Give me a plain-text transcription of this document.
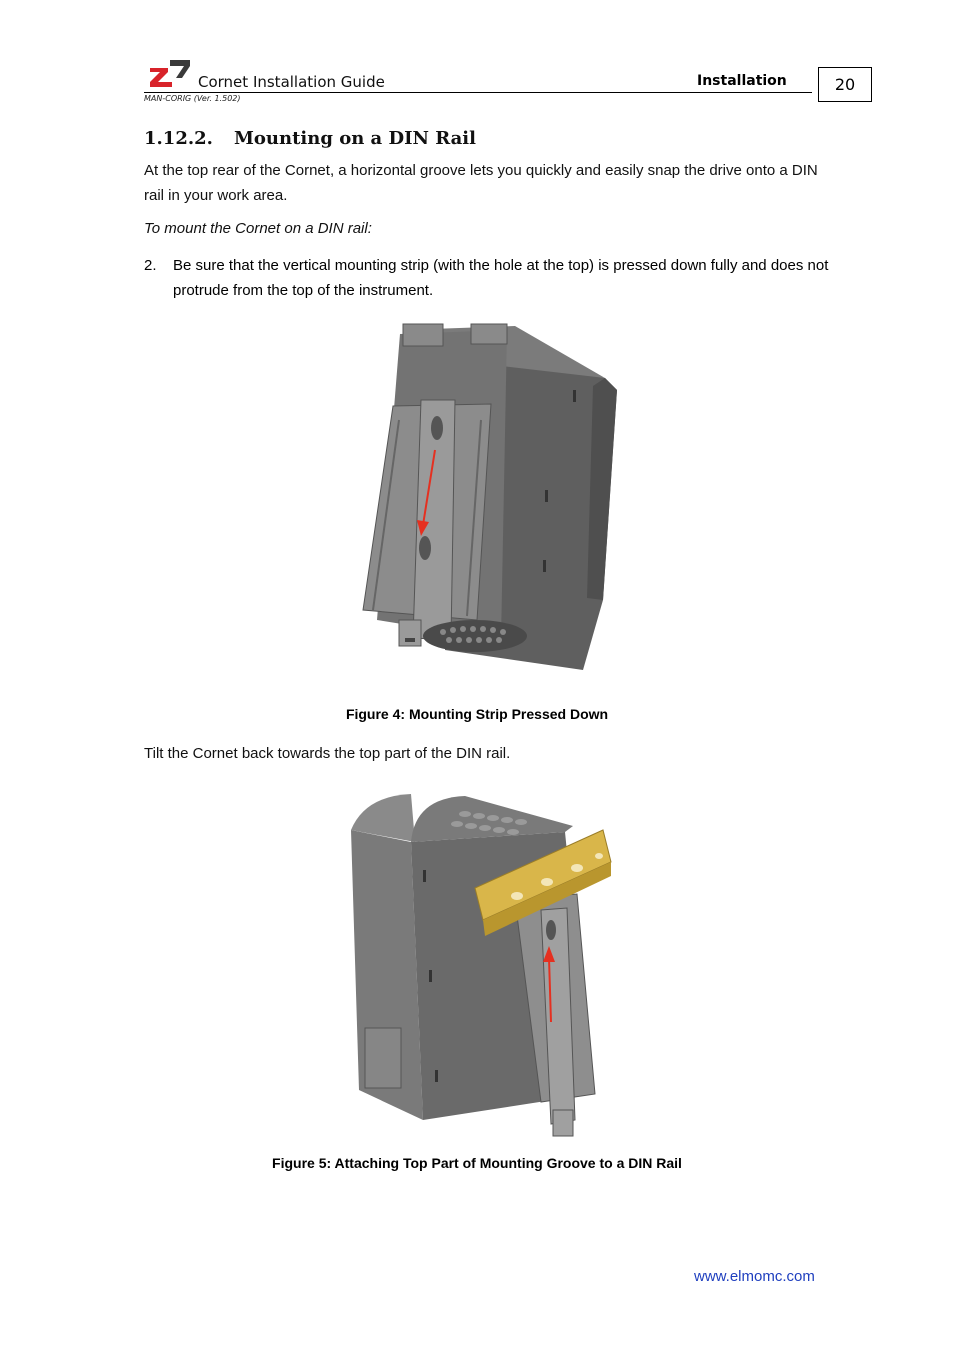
Cornet Installation Guide	Installation
MAN-CORIG (Ver. 1.502)
20
1.12.2. Mounting on a DIN Rail
At the top rear of the Cornet, a horizontal groove lets you quickly and easily snap the drive onto a DIN rail in your work area.
To mount the Cornet on a DIN rail:
2. Be sure that the vertical mounting strip (with the hole at the top) is pressed down fully and does not protrude from the top of the instrument.
Figure 4: Mounting Strip Pressed Down
Tilt the Cornet back towards the top part of the DIN rail.
Figure 5: Attaching Top Part of Mounting Groove to a DIN Rail
www.elmomc.com
